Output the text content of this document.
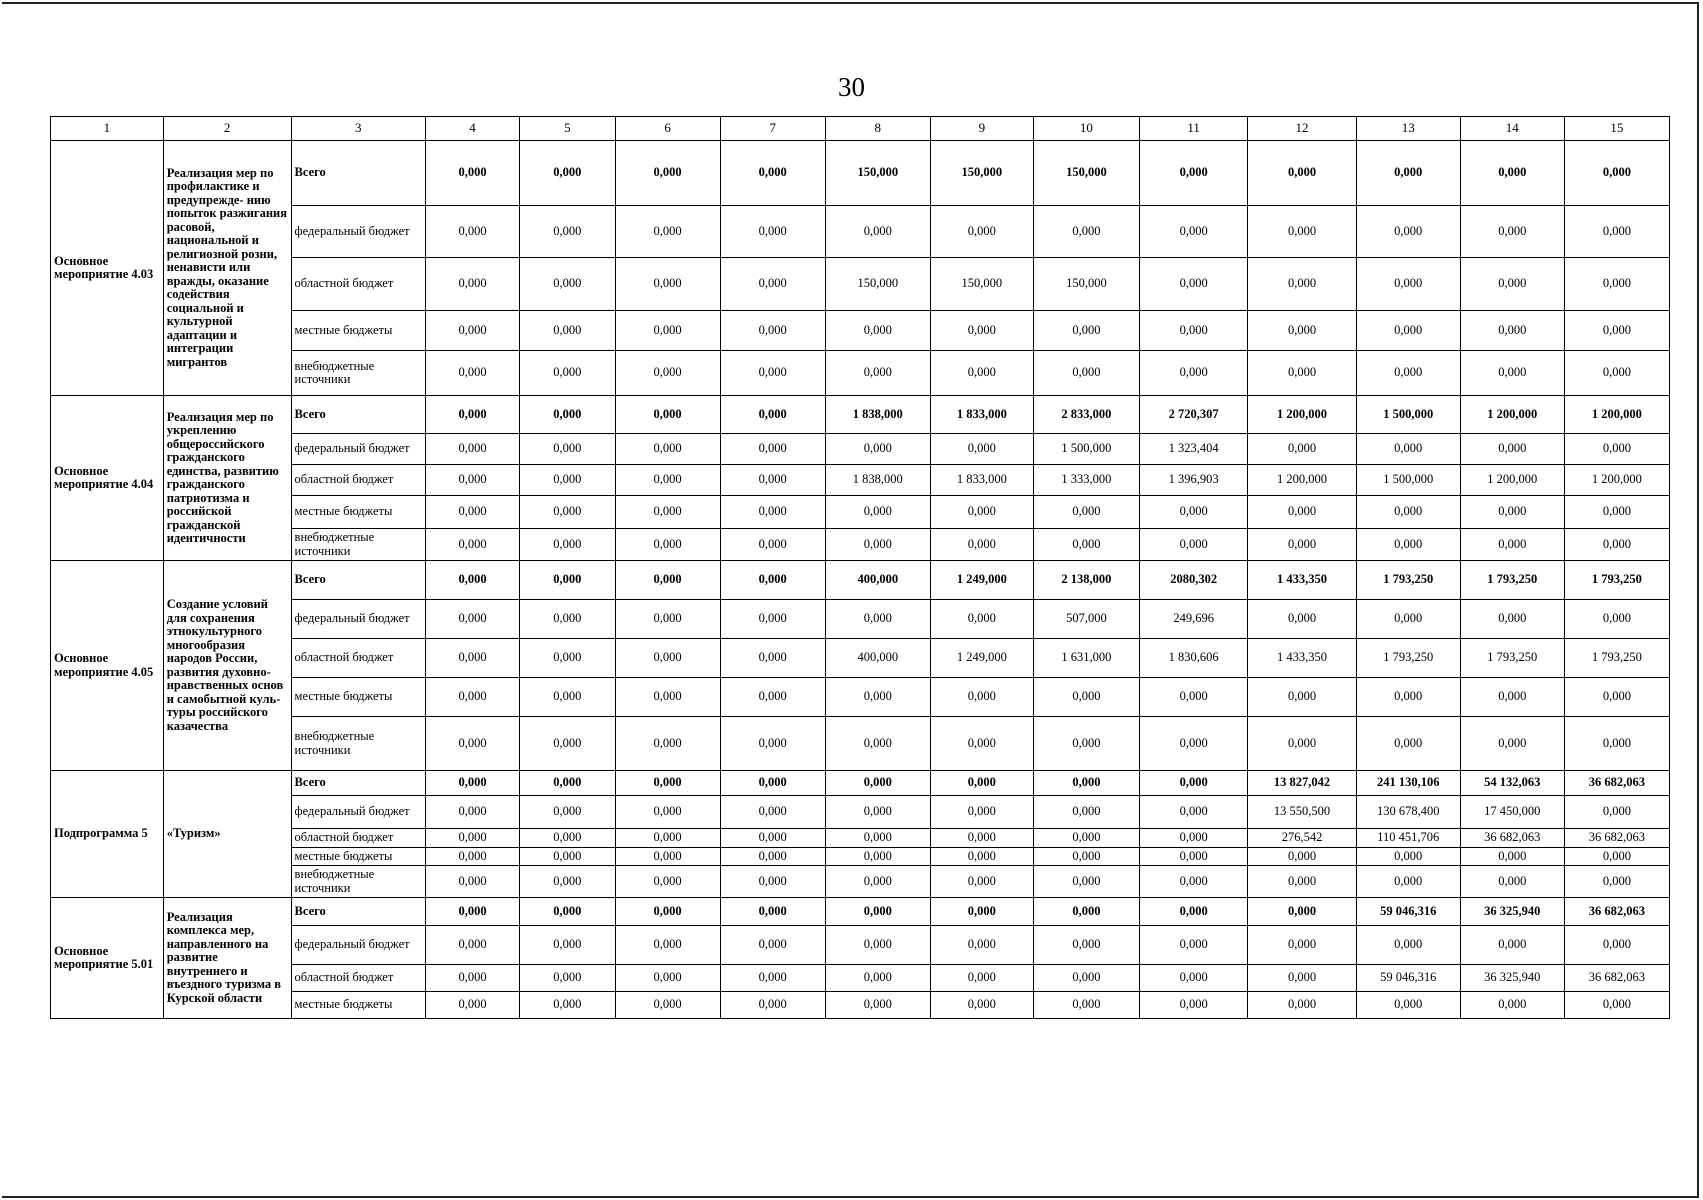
30
1	2	3	4	5	6	7	8	9	10	11	12	13	14	15
Основное мероприятие 4.03	Реализация мер по профилактике и предупрежде- нию попыток разжигания расовой, национальной и религиозной розни, ненависти или вражды, оказание содействия социальной и культурной адаптации и интеграции мигрантов	Всего	0,000	0,000	0,000	0,000	150,000	150,000	150,000	0,000	0,000	0,000	0,000	0,000
		федеральный бюджет	0,000	0,000	0,000	0,000	0,000	0,000	0,000	0,000	0,000	0,000	0,000	0,000
		областной бюджет	0,000	0,000	0,000	0,000	150,000	150,000	150,000	0,000	0,000	0,000	0,000	0,000
		местные бюджеты	0,000	0,000	0,000	0,000	0,000	0,000	0,000	0,000	0,000	0,000	0,000	0,000
		внебюджетные источники	0,000	0,000	0,000	0,000	0,000	0,000	0,000	0,000	0,000	0,000	0,000	0,000
Основное мероприятие 4.04	Реализация мер по укреплению общероссийского гражданского единства, развитию гражданского патриотизма и российской гражданской идентичности	Всего	0,000	0,000	0,000	0,000	1 838,000	1 833,000	2 833,000	2 720,307	1 200,000	1 500,000	1 200,000	1 200,000
		федеральный бюджет	0,000	0,000	0,000	0,000	0,000	0,000	1 500,000	1 323,404	0,000	0,000	0,000	0,000
		областной бюджет	0,000	0,000	0,000	0,000	1 838,000	1 833,000	1 333,000	1 396,903	1 200,000	1 500,000	1 200,000	1 200,000
		местные бюджеты	0,000	0,000	0,000	0,000	0,000	0,000	0,000	0,000	0,000	0,000	0,000	0,000
		внебюджетные источники	0,000	0,000	0,000	0,000	0,000	0,000	0,000	0,000	0,000	0,000	0,000	0,000
Основное мероприятие 4.05	Создание условий для сохранения этнокультурного многообразия народов России, развития духовно- нравственных основ и самобытной куль- туры российского казачества	Всего	0,000	0,000	0,000	0,000	400,000	1 249,000	2 138,000	2080,302	1 433,350	1 793,250	1 793,250	1 793,250
		федеральный бюджет	0,000	0,000	0,000	0,000	0,000	0,000	507,000	249,696	0,000	0,000	0,000	0,000
		областной бюджет	0,000	0,000	0,000	0,000	400,000	1 249,000	1 631,000	1 830,606	1 433,350	1 793,250	1 793,250	1 793,250
		местные бюджеты	0,000	0,000	0,000	0,000	0,000	0,000	0,000	0,000	0,000	0,000	0,000	0,000
		внебюджетные источники	0,000	0,000	0,000	0,000	0,000	0,000	0,000	0,000	0,000	0,000	0,000	0,000
Подпрограмма 5	«Туризм»	Всего	0,000	0,000	0,000	0,000	0,000	0,000	0,000	0,000	13 827,042	241 130,106	54 132,063	36 682,063
		федеральный бюджет	0,000	0,000	0,000	0,000	0,000	0,000	0,000	0,000	13 550,500	130 678,400	17 450,000	0,000
		областной бюджет	0,000	0,000	0,000	0,000	0,000	0,000	0,000	0,000	276,542	110 451,706	36 682,063	36 682,063
		местные бюджеты	0,000	0,000	0,000	0,000	0,000	0,000	0,000	0,000	0,000	0,000	0,000	0,000
		внебюджетные источники	0,000	0,000	0,000	0,000	0,000	0,000	0,000	0,000	0,000	0,000	0,000	0,000
Основное мероприятие 5.01	Реализация комплекса мер, направленного на развитие внутреннего и въездного туризма в Курской области	Всего	0,000	0,000	0,000	0,000	0,000	0,000	0,000	0,000	0,000	59 046,316	36 325,940	36 682,063
		федеральный бюджет	0,000	0,000	0,000	0,000	0,000	0,000	0,000	0,000	0,000	0,000	0,000	0,000
		областной бюджет	0,000	0,000	0,000	0,000	0,000	0,000	0,000	0,000	0,000	59 046,316	36 325,940	36 682,063
		местные бюджеты	0,000	0,000	0,000	0,000	0,000	0,000	0,000	0,000	0,000	0,000	0,000	0,000
